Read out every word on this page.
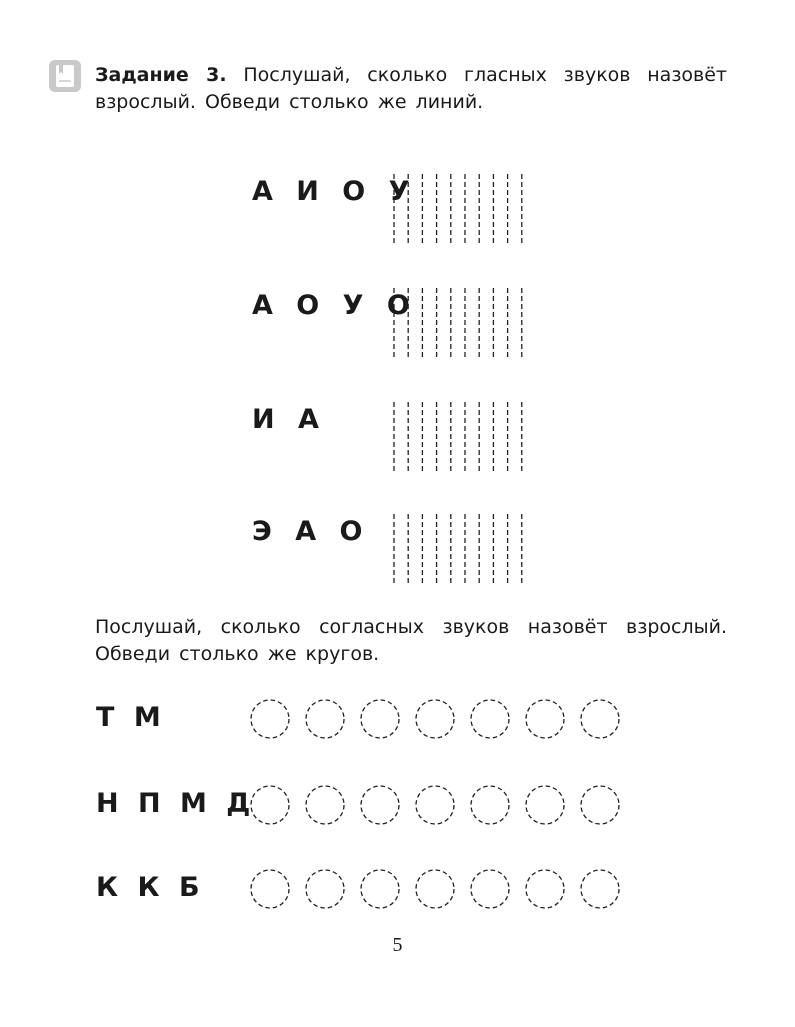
Задание 3. Послушай, сколько гласных звуков назовёт взрослый. Обведи столько же линий.
А И О У
А О У О
И А
Э А О
Послушай, сколько согласных звуков назовёт взрослый. Обведи столько же кругов.
Т М
Н П М Д
К К Б
5
